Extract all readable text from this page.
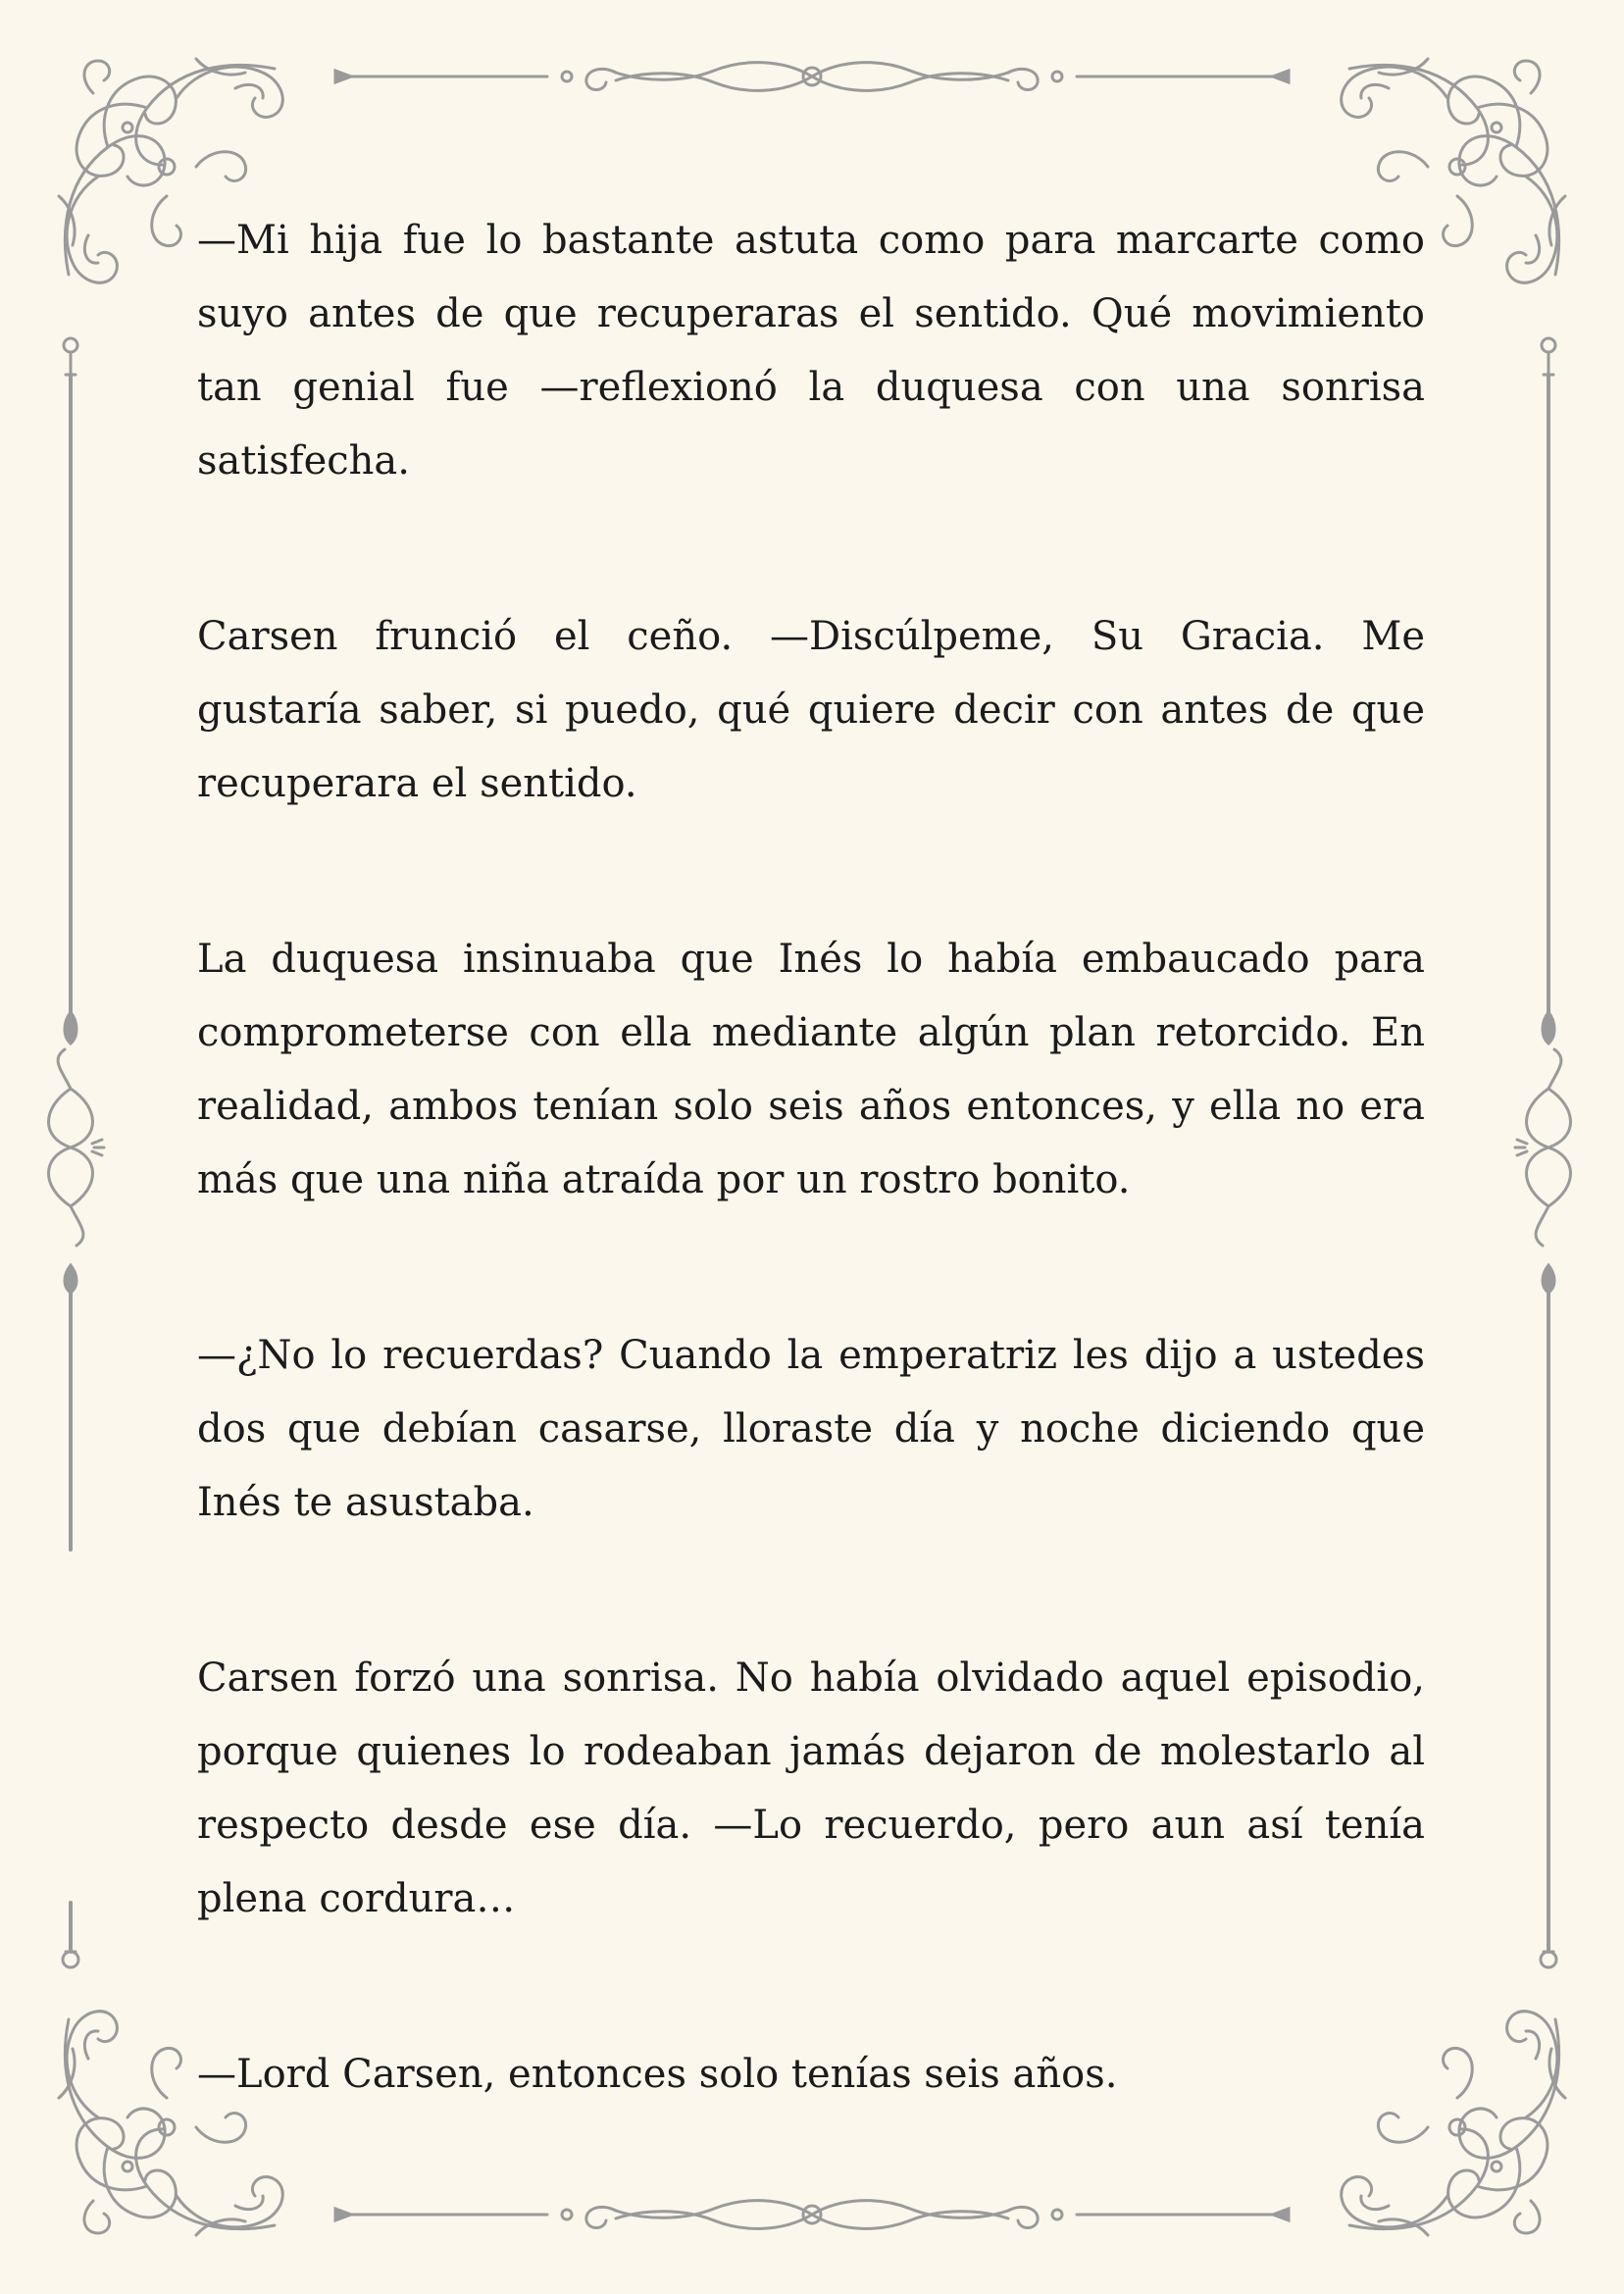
—Mi hija fue lo bastante astuta como para marcarte como suyo antes de que recuperaras el sentido. Qué movimiento tan genial fue —reflexionó la duquesa con una sonrisa satisfecha.

Carsen frunció el ceño. —Discúlpeme, Su Gracia. Me gustaría saber, si puedo, qué quiere decir con antes de que recuperara el sentido.

La duquesa insinuaba que Inés lo había embaucado para comprometerse con ella mediante algún plan retorcido. En realidad, ambos tenían solo seis años entonces, y ella no era más que una niña atraída por un rostro bonito.

—¿No lo recuerdas? Cuando la emperatriz les dijo a ustedes dos que debían casarse, lloraste día y noche diciendo que Inés te asustaba.

Carsen forzó una sonrisa. No había olvidado aquel episodio, porque quienes lo rodeaban jamás dejaron de molestarlo al respecto desde ese día. —Lo recuerdo, pero aun así tenía plena cordura…

—Lord Carsen, entonces solo tenías seis años.
